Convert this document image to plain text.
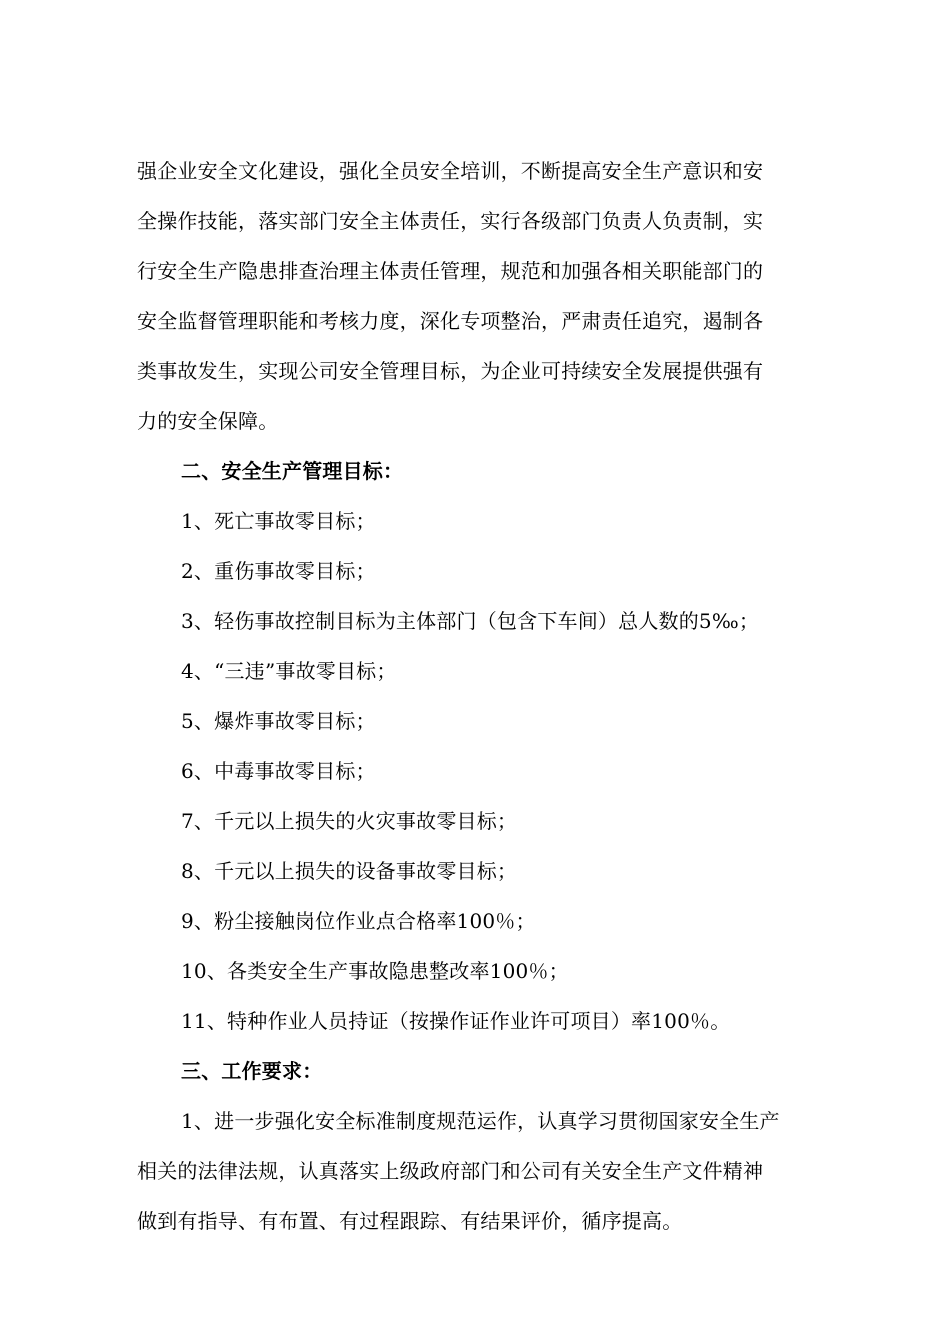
强企业安全文化建设，强化全员安全培训，不断提高安全生产意识和安
全操作技能，落实部门安全主体责任，实行各级部门负责人负责制，实
行安全生产隐患排查治理主体责任管理，规范和加强各相关职能部门的
安全监督管理职能和考核力度，深化专项整治，严肃责任追究，遏制各
类事故发生，实现公司安全管理目标，为企业可持续安全发展提供强有
力的安全保障。
二、安全生产管理目标：
1、死亡事故零目标；
2、重伤事故零目标；
3、轻伤事故控制目标为主体部门（包含下车间）总人数的5‰；
4、“三违”事故零目标；
5、爆炸事故零目标；
6、中毒事故零目标；
7、千元以上损失的火灾事故零目标；
8、千元以上损失的设备事故零目标；
9、粉尘接触岗位作业点合格率100％；
10、各类安全生产事故隐患整改率100％；
11、特种作业人员持证（按操作证作业许可项目）率100％。
三、工作要求：
1、进一步强化安全标准制度规范运作，认真学习贯彻国家安全生产
相关的法律法规，认真落实上级政府部门和公司有关安全生产文件精神
做到有指导、有布置、有过程跟踪、有结果评价，循序提高。
